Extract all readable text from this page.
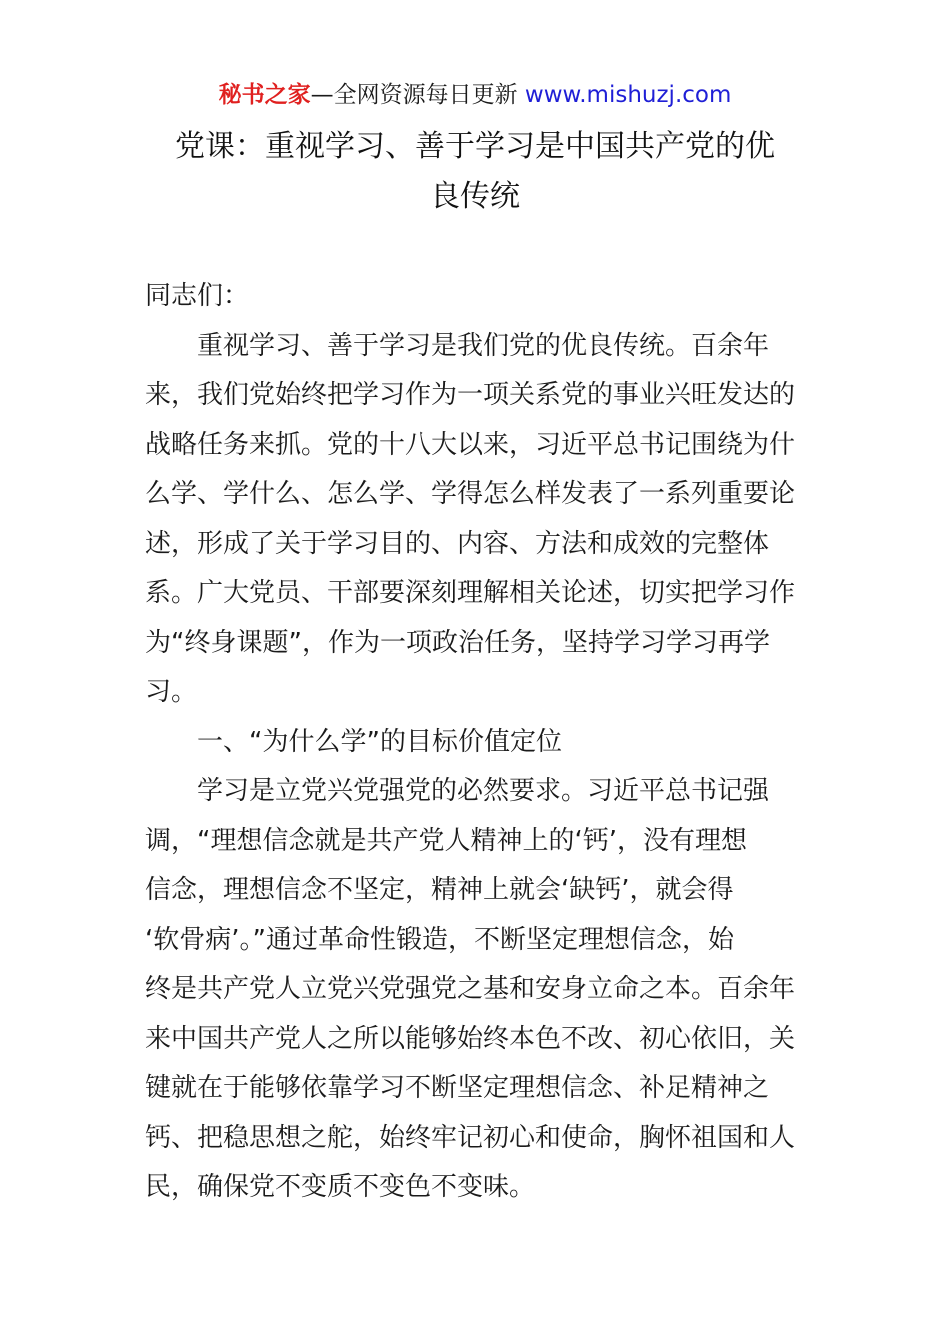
秘书之家—全网资源每日更新 www.mishuzj.com
党课：重视学习、善于学习是中国共产党的优
良传统
同志们：
重视学习、善于学习是我们党的优良传统。百余年
来，我们党始终把学习作为一项关系党的事业兴旺发达的
战略任务来抓。党的十八大以来，习近平总书记围绕为什
么学、学什么、怎么学、学得怎么样发表了一系列重要论
述，形成了关于学习目的、内容、方法和成效的完整体
系。广大党员、干部要深刻理解相关论述，切实把学习作
为“终身课题”，作为一项政治任务，坚持学习学习再学
习。
一、“为什么学”的目标价值定位
学习是立党兴党强党的必然要求。习近平总书记强
调，“理想信念就是共产党人精神上的‘钙’，没有理想
信念，理想信念不坚定，精神上就会‘缺钙’，就会得
‘软骨病’。”通过革命性锻造，不断坚定理想信念，始
终是共产党人立党兴党强党之基和安身立命之本。百余年
来中国共产党人之所以能够始终本色不改、初心依旧，关
键就在于能够依靠学习不断坚定理想信念、补足精神之
钙、把稳思想之舵，始终牢记初心和使命，胸怀祖国和人
民，确保党不变质不变色不变味。
